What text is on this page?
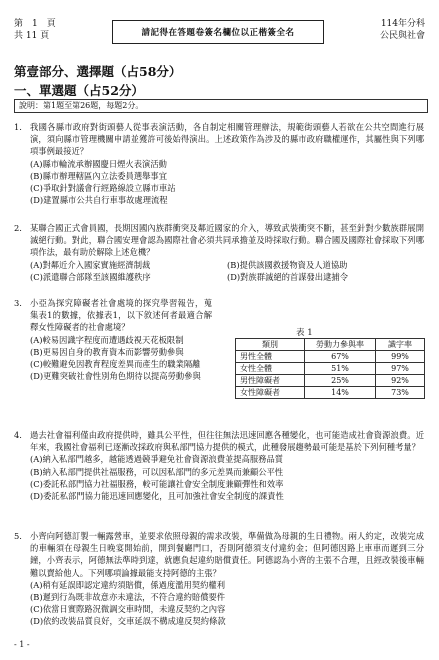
第　1　頁
共 11 頁	請記得在答題卷簽名欄位以正楷簽全名
114年分科
公民與社會
第壹部分、選擇題（占58分）
一、單選題（占52分）
說明：第1題至第26題，每題2分。
1. 我國各縣市政府對街頭藝人從事表演活動，各自制定相關管理辦法，規範街頭藝人若欲在公共空間進行展演，須向縣市管理機關申請並獲許可後始得演出。上述政策作為涉及的縣市政府職權運作，其屬性與下列哪項事例最接近？
(A)縣市輪流承辦國慶日煙火表演活動
(B)縣市辦理轄區內立法委員選舉事宜
(C)爭取針對議會行經路線設立縣市車站
(D)建置縣市公共自行車事故處理流程
2. 某聯合國正式會員國，長期因國內族群衝突及鄰近國家的介入，導致武裝衝突不斷，甚至針對少數族群展開滅絕行動。對此，聯合國安理會認為國際社會必須共同承擔並及時採取行動。聯合國及國際社會採取下列哪項作法，最有助於解除上述危機？
(A)對鄰近介入國家實施經濟制裁	(B)提供該國救援物資及人道協助
(C)派遣聯合部隊至該國維護秩序	(D)對族群滅絕的首謀發出逮捕令
3. 小亞為探究障礙者社會處境的探究學習報告，蒐集表1的數據，依據表1，以下敘述何者最適合解釋女性障礙者的社會處境？
(A)較易因識字程度而遭遇歧視天花板限制
(B)更易因自身的教育資本而影響勞動參與
(C)較難避免因教育程度差異而產生的職業隔離
(D)更難突破社會性別角色期待以提高勞動參與
表 1
類別	勞動力參與率	識字率
男性全體	67%	99%
女性全體	51%	97%
男性障礙者	25%	92%
女性障礙者	14%	73%
4. 過去社會福利僅由政府提供時，雖具公平性，但往往無法迅速回應各種變化，也可能造成社會資源浪費。近年來，我國社會福利已逐漸改採政府與私部門協力提供的模式，此種發展趨勢最可能是基於下列何種考量？
(A)納入私部門越多，越能透過競爭避免社會資源浪費並提高服務品質
(B)納入私部門提供社福服務，可以因私部門的多元差異而兼顧公平性
(C)委託私部門協力社福服務，較可能讓社會安全制度兼顧彈性和效率
(D)委託私部門協力能迅速回應變化，且可加強社會安全制度的課責性
5. 小齊向阿德訂製一輛露營車，並要求依照母親的需求改裝，準備做為母親的生日禮物。兩人約定，改裝完成的車輛須在母親生日晚宴開始前，開到餐廳門口，否則阿德須支付違約金；但阿德因路上車車而遲到三分鐘，小齊表示，阿德無法準時到達，就應負起違約賠償責任。阿德認為小齊的主張不合理，且經改裝後車輛難以賣給他人。下列哪項論據最能支持阿德的主張？
(A)稍有延誤即認定違約須賠償，係過度濫用契約權利
(B)遲到行為既非故意亦未違法，不符合違約賠償要件
(C)依當日實際路況微調交車時間，未違反契約之內容
(D)依約改裝品質良好，交車延誤不構成違反契約條款
- 1 -
